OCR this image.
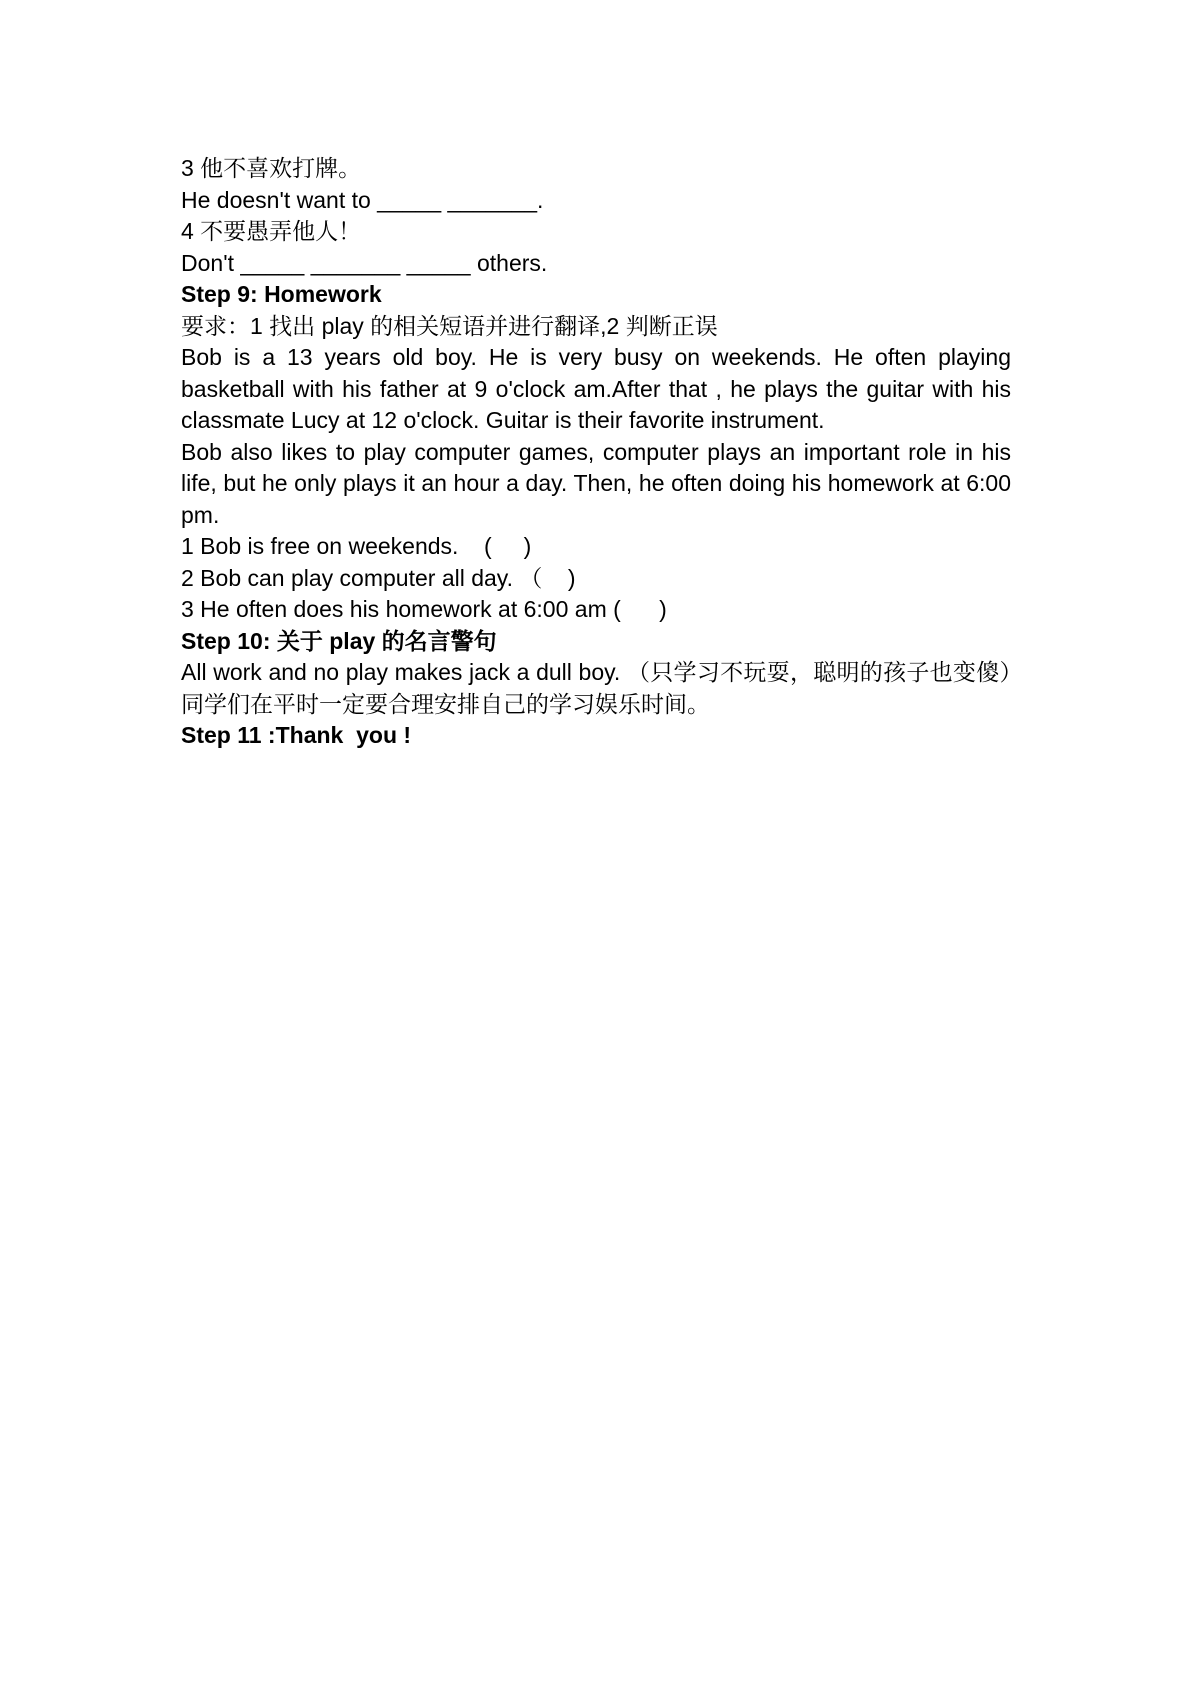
3 他不喜欢打牌。
He doesn't want to _____ _______.
4 不要愚弄他人！
Don't _____ _______ _____ others.
Step 9: Homework
要求：1 找出 play 的相关短语并进行翻译,2 判断正误

Bob is a 13 years old boy. He is very busy on weekends. He often playing basketball with his father at 9 o'clock am.After that , he plays the guitar with his classmate Lucy at 12 o'clock. Guitar is their favorite instrument.

Bob also likes to play computer games, computer plays an important role in his life, but he only plays it an hour a day. Then, he often doing his homework at 6:00 pm.

1 Bob is free on weekends.    (     )
2 Bob can play computer all day. （    )
3 He often does his homework at 6:00 am (      )
Step 10: 关于 play 的名言警句

All work and no play makes jack a dull boy. （只学习不玩耍，聪明的孩子也变傻）同学们在平时一定要合理安排自己的学习娱乐时间。

Step 11 :Thank  you !
